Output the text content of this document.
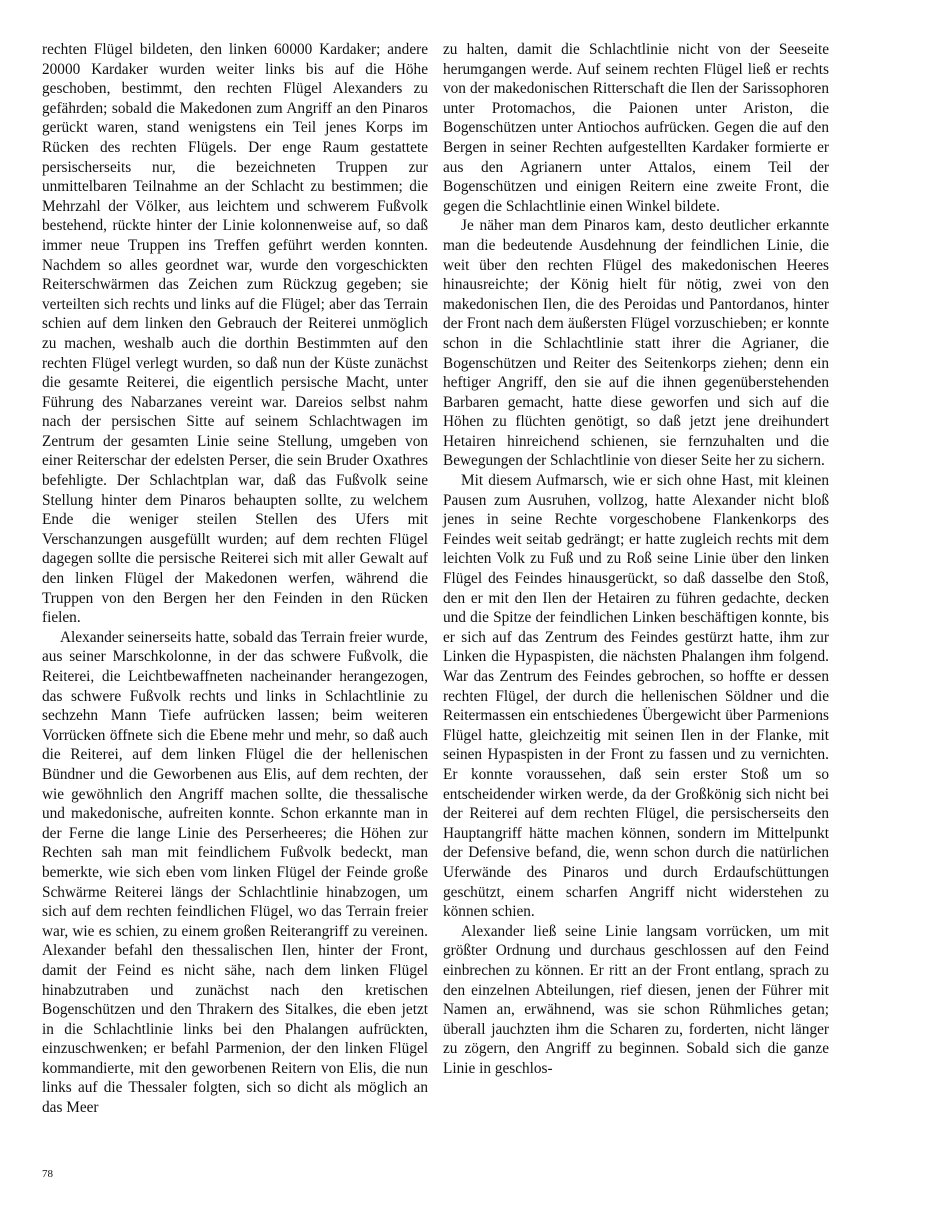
rechten Flügel bildeten, den linken 60000 Kardaker; andere 20000 Kardaker wurden weiter links bis auf die Höhe geschoben, bestimmt, den rechten Flügel Alexanders zu gefährden; sobald die Makedonen zum Angriff an den Pinaros gerückt waren, stand wenigstens ein Teil jenes Korps im Rücken des rechten Flügels. Der enge Raum gestattete persischerseits nur, die bezeichneten Truppen zur unmittelbaren Teilnahme an der Schlacht zu bestimmen; die Mehrzahl der Völker, aus leichtem und schwerem Fußvolk bestehend, rückte hinter der Linie kolonnenweise auf, so daß immer neue Truppen ins Treffen geführt werden konnten. Nachdem so alles geordnet war, wurde den vorgeschickten Reiterschwärmen das Zeichen zum Rückzug gegeben; sie verteilten sich rechts und links auf die Flügel; aber das Terrain schien auf dem linken den Gebrauch der Reiterei unmöglich zu machen, weshalb auch die dorthin Bestimmten auf den rechten Flügel verlegt wurden, so daß nun der Küste zunächst die gesamte Reiterei, die eigentlich persische Macht, unter Führung des Nabarzanes vereint war. Dareios selbst nahm nach der persischen Sitte auf seinem Schlachtwagen im Zentrum der gesamten Linie seine Stellung, umgeben von einer Reiterschar der edelsten Perser, die sein Bruder Oxathres befehligte. Der Schlachtplan war, daß das Fußvolk seine Stellung hinter dem Pinaros behaupten sollte, zu welchem Ende die weniger steilen Stellen des Ufers mit Verschanzungen ausgefüllt wurden; auf dem rechten Flügel dagegen sollte die persische Reiterei sich mit aller Gewalt auf den linken Flügel der Makedonen werfen, während die Truppen von den Bergen her den Feinden in den Rücken fielen.

Alexander seinerseits hatte, sobald das Terrain freier wurde, aus seiner Marschkolonne, in der das schwere Fußvolk, die Reiterei, die Leichtbewaffneten nacheinander herangezogen, das schwere Fußvolk rechts und links in Schlachtlinie zu sechzehn Mann Tiefe aufrücken lassen; beim weiteren Vorrücken öffnete sich die Ebene mehr und mehr, so daß auch die Reiterei, auf dem linken Flügel die der hellenischen Bündner und die Geworbenen aus Elis, auf dem rechten, der wie gewöhnlich den Angriff machen sollte, die thessalische und makedonische, aufreiten konnte. Schon erkannte man in der Ferne die lange Linie des Perserheeres; die Höhen zur Rechten sah man mit feindlichem Fußvolk bedeckt, man bemerkte, wie sich eben vom linken Flügel der Feinde große Schwärme Reiterei längs der Schlachtlinie hinabzogen, um sich auf dem rechten feindlichen Flügel, wo das Terrain freier war, wie es schien, zu einem großen Reiterangriff zu vereinen. Alexander befahl den thessalischen Ilen, hinter der Front, damit der Feind es nicht sähe, nach dem linken Flügel hinabzutraben und zunächst nach den kretischen Bogenschützen und den Thrakern des Sitalkes, die eben jetzt in die Schlachtlinie links bei den Phalangen aufrückten, einzuschwenken; er befahl Parmenion, der den linken Flügel kommandierte, mit den geworbenen Reitern von Elis, die nun links auf die Thessaler folgten, sich so dicht als möglich an das Meer

zu halten, damit die Schlachtlinie nicht von der Seeseite herumgangen werde. Auf seinem rechten Flügel ließ er rechts von der makedonischen Ritterschaft die Ilen der Sarissophoren unter Protomachos, die Paionen unter Ariston, die Bogenschützen unter Antiochos aufrücken. Gegen die auf den Bergen in seiner Rechten aufgestellten Kardaker formierte er aus den Agrianern unter Attalos, einem Teil der Bogenschützen und einigen Reitern eine zweite Front, die gegen die Schlachtlinie einen Winkel bildete.

Je näher man dem Pinaros kam, desto deutlicher erkannte man die bedeutende Ausdehnung der feindlichen Linie, die weit über den rechten Flügel des makedonischen Heeres hinausreichte; der König hielt für nötig, zwei von den makedonischen Ilen, die des Peroidas und Pantordanos, hinter der Front nach dem äußersten Flügel vorzuschieben; er konnte schon in die Schlachtlinie statt ihrer die Agrianer, die Bogenschützen und Reiter des Seitenkorps ziehen; denn ein heftiger Angriff, den sie auf die ihnen gegenüberstehenden Barbaren gemacht, hatte diese geworfen und sich auf die Höhen zu flüchten genötigt, so daß jetzt jene dreihundert Hetairen hinreichend schienen, sie fernzuhalten und die Bewegungen der Schlachtlinie von dieser Seite her zu sichern.

Mit diesem Aufmarsch, wie er sich ohne Hast, mit kleinen Pausen zum Ausruhen, vollzog, hatte Alexander nicht bloß jenes in seine Rechte vorgeschobene Flankenkorps des Feindes weit seitab gedrängt; er hatte zugleich rechts mit dem leichten Volk zu Fuß und zu Roß seine Linie über den linken Flügel des Feindes hinausgerückt, so daß dasselbe den Stoß, den er mit den Ilen der Hetairen zu führen gedachte, decken und die Spitze der feindlichen Linken beschäftigen konnte, bis er sich auf das Zentrum des Feindes gestürzt hatte, ihm zur Linken die Hypaspisten, die nächsten Phalangen ihm folgend. War das Zentrum des Feindes gebrochen, so hoffte er dessen rechten Flügel, der durch die hellenischen Söldner und die Reitermassen ein entschiedenes Übergewicht über Parmenions Flügel hatte, gleichzeitig mit seinen Ilen in der Flanke, mit seinen Hypaspisten in der Front zu fassen und zu vernichten. Er konnte voraussehen, daß sein erster Stoß um so entscheidender wirken werde, da der Großkönig sich nicht bei der Reiterei auf dem rechten Flügel, die persischerseits den Hauptangriff hätte machen können, sondern im Mittelpunkt der Defensive befand, die, wenn schon durch die natürlichen Uferwände des Pinaros und durch Erdaufschüttungen geschützt, einem scharfen Angriff nicht widerstehen zu können schien.

Alexander ließ seine Linie langsam vorrücken, um mit größter Ordnung und durchaus geschlossen auf den Feind einbrechen zu können. Er ritt an der Front entlang, sprach zu den einzelnen Abteilungen, rief diesen, jenen der Führer mit Namen an, erwähnend, was sie schon Rühmliches getan; überall jauchzten ihm die Scharen zu, forderten, nicht länger zu zögern, den Angriff zu beginnen. Sobald sich die ganze Linie in geschlos-

78
